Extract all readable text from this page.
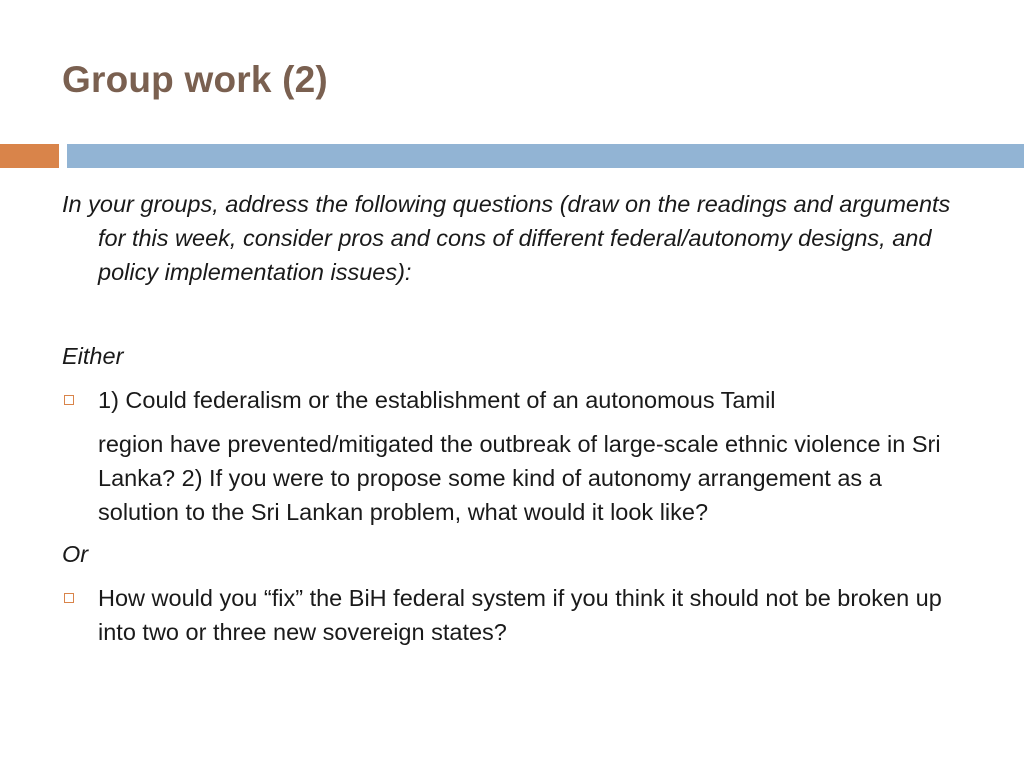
Group work (2)

In your groups, address the following questions (draw on the readings and arguments for this week, consider pros and cons of different federal/autonomy designs, and policy implementation issues):

Either

1) Could federalism or the establishment of an autonomous Tamil
region have prevented/mitigated the outbreak of large-scale ethnic violence in Sri Lanka? 2) If you were to propose some kind of autonomy arrangement as a solution to the Sri Lankan problem, what would it look like?

Or

How would you “fix” the BiH federal system if you think it should not be broken up into two or three new sovereign states?
